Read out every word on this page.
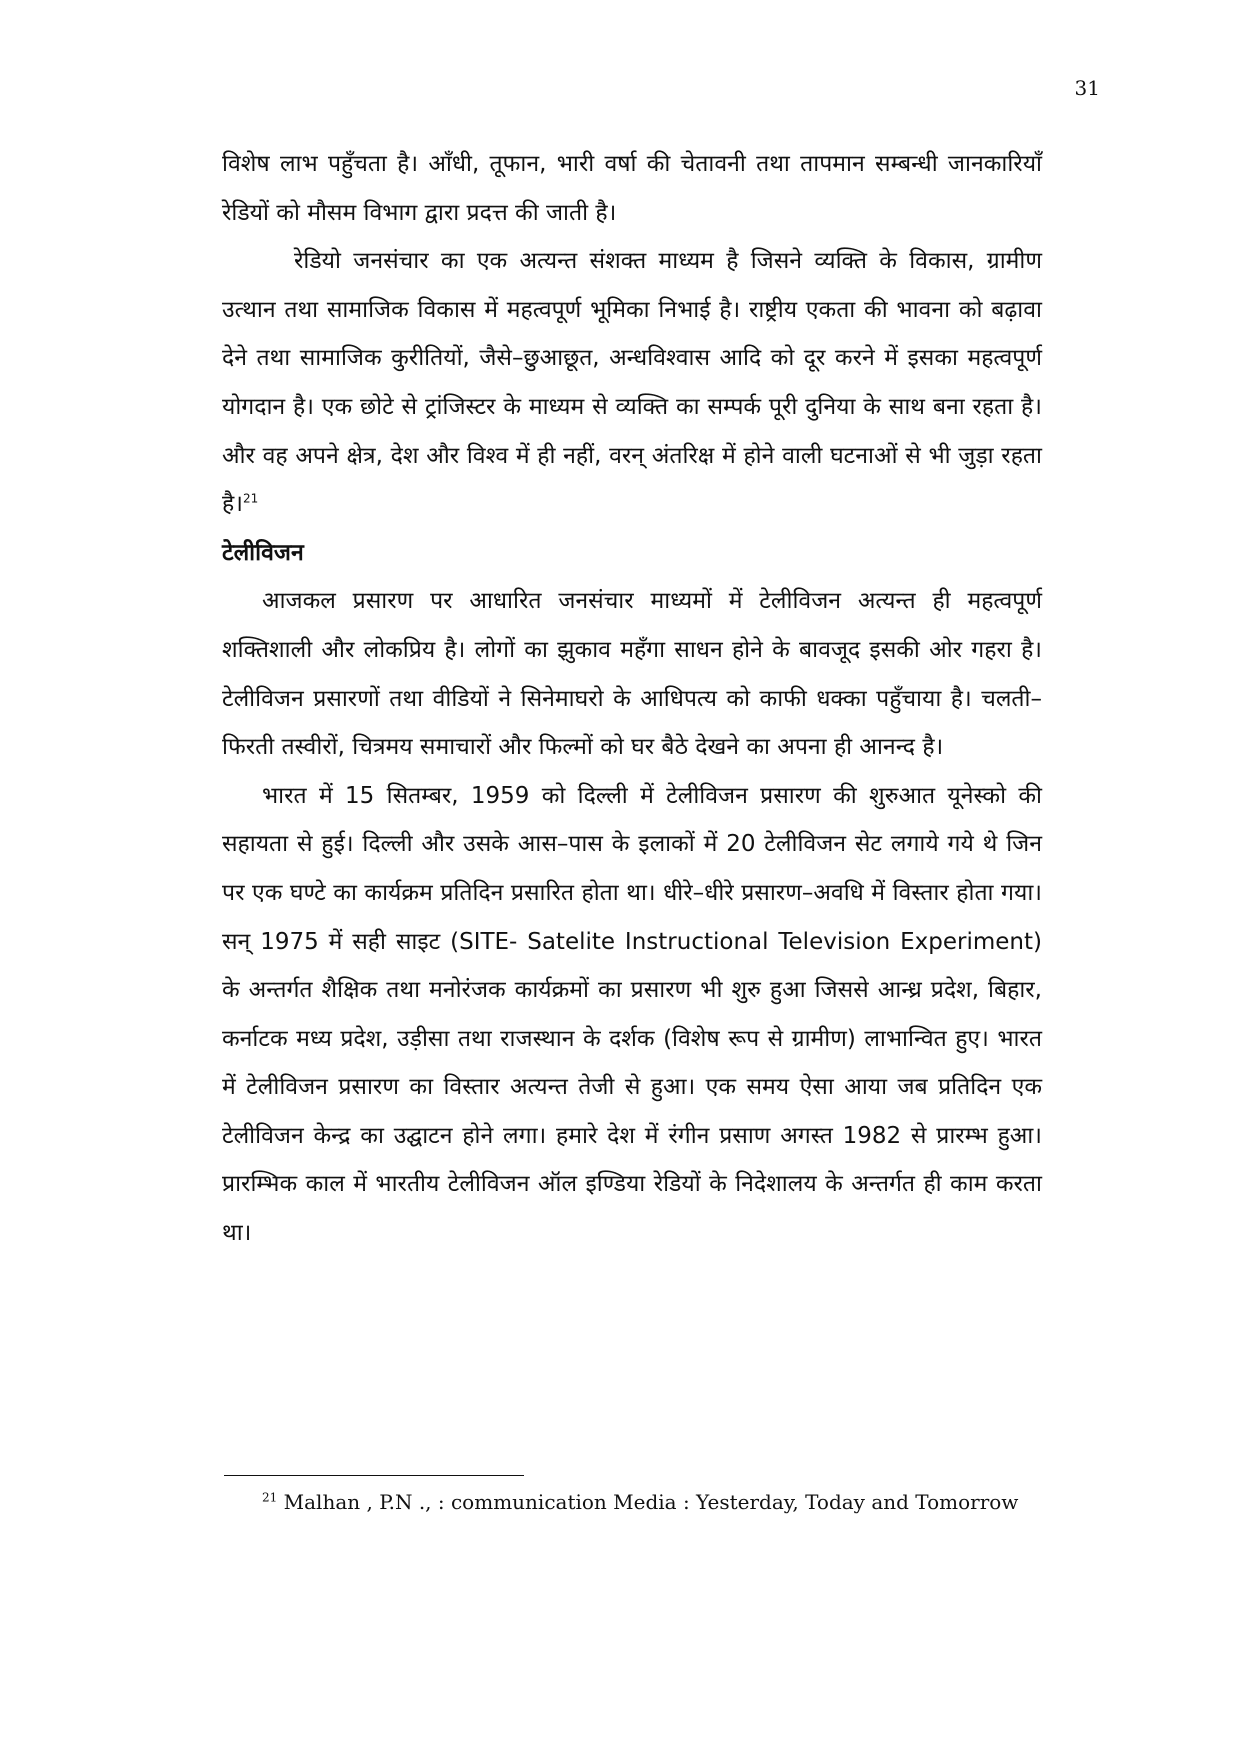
31

विशेष लाभ पहुँचता है। आँधी, तूफान, भारी वर्षा की चेतावनी तथा तापमान सम्बन्धी जानकारियाँ रेडियों को मौसम विभाग द्वारा प्रदत्त की जाती है।

रेडियो जनसंचार का एक अत्यन्त संशक्त माध्यम है जिसने व्यक्ति के विकास, ग्रामीण उत्थान तथा सामाजिक विकास में महत्वपूर्ण भूमिका निभाई है। राष्ट्रीय एकता की भावना को बढ़ावा देने तथा सामाजिक कुरीतियों, जैसे–छुआछूत, अन्धविश्वास आदि को दूर करने में इसका महत्वपूर्ण योगदान है। एक छोटे से ट्रांजिस्टर के माध्यम से व्यक्ति का सम्पर्क पूरी दुनिया के साथ बना रहता है। और वह अपने क्षेत्र, देश और विश्व में ही नहीं, वरन् अंतरिक्ष में होने वाली घटनाओं से भी जुड़ा रहता है।$^{21}$

टेलीविजन

आजकल प्रसारण पर आधारित जनसंचार माध्यमों में टेलीविजन अत्यन्त ही महत्वपूर्ण शक्तिशाली और लोकप्रिय है। लोगों का झुकाव महँगा साधन होने के बावजूद इसकी ओर गहरा है। टेलीविजन प्रसारणों तथा वीडियों ने सिनेमाघरो के आधिपत्य को काफी धक्का पहुँचाया है। चलती–फिरती तस्वीरों, चित्रमय समाचारों और फिल्मों को घर बैठे देखने का अपना ही आनन्द है।

भारत में 15 सितम्बर, 1959 को दिल्ली में टेलीविजन प्रसारण की शुरुआत यूनेस्को की सहायता से हुई। दिल्ली और उसके आस–पास के इलाकों में 20 टेलीविजन सेट लगाये गये थे जिन पर एक घण्टे का कार्यक्रम प्रतिदिन प्रसारित होता था। धीरे–धीरे प्रसारण–अवधि में विस्तार होता गया। सन् 1975 में सही साइट (SITE- Satelite Instructional Television Experiment) के अन्तर्गत शैक्षिक तथा मनोरंजक कार्यक्रमों का प्रसारण भी शुरु हुआ जिससे आन्ध्र प्रदेश, बिहार, कर्नाटक मध्य प्रदेश, उड़ीसा तथा राजस्थान के दर्शक (विशेष रूप से ग्रामीण) लाभान्वित हुए। भारत में टेलीविजन प्रसारण का विस्तार अत्यन्त तेजी से हुआ। एक समय ऐसा आया जब प्रतिदिन एक टेलीविजन केन्द्र का उद्घाटन होने लगा। हमारे देश में रंगीन प्रसाण अगस्त 1982 से प्रारम्भ हुआ। प्रारम्भिक काल में भारतीय टेलीविजन ऑल इण्डिया रेडियों के निदेशालय के अन्तर्गत ही काम करता था।

$^{21}$ Malhan , P.N ., : communication Media : Yesterday, Today and Tomorrow
